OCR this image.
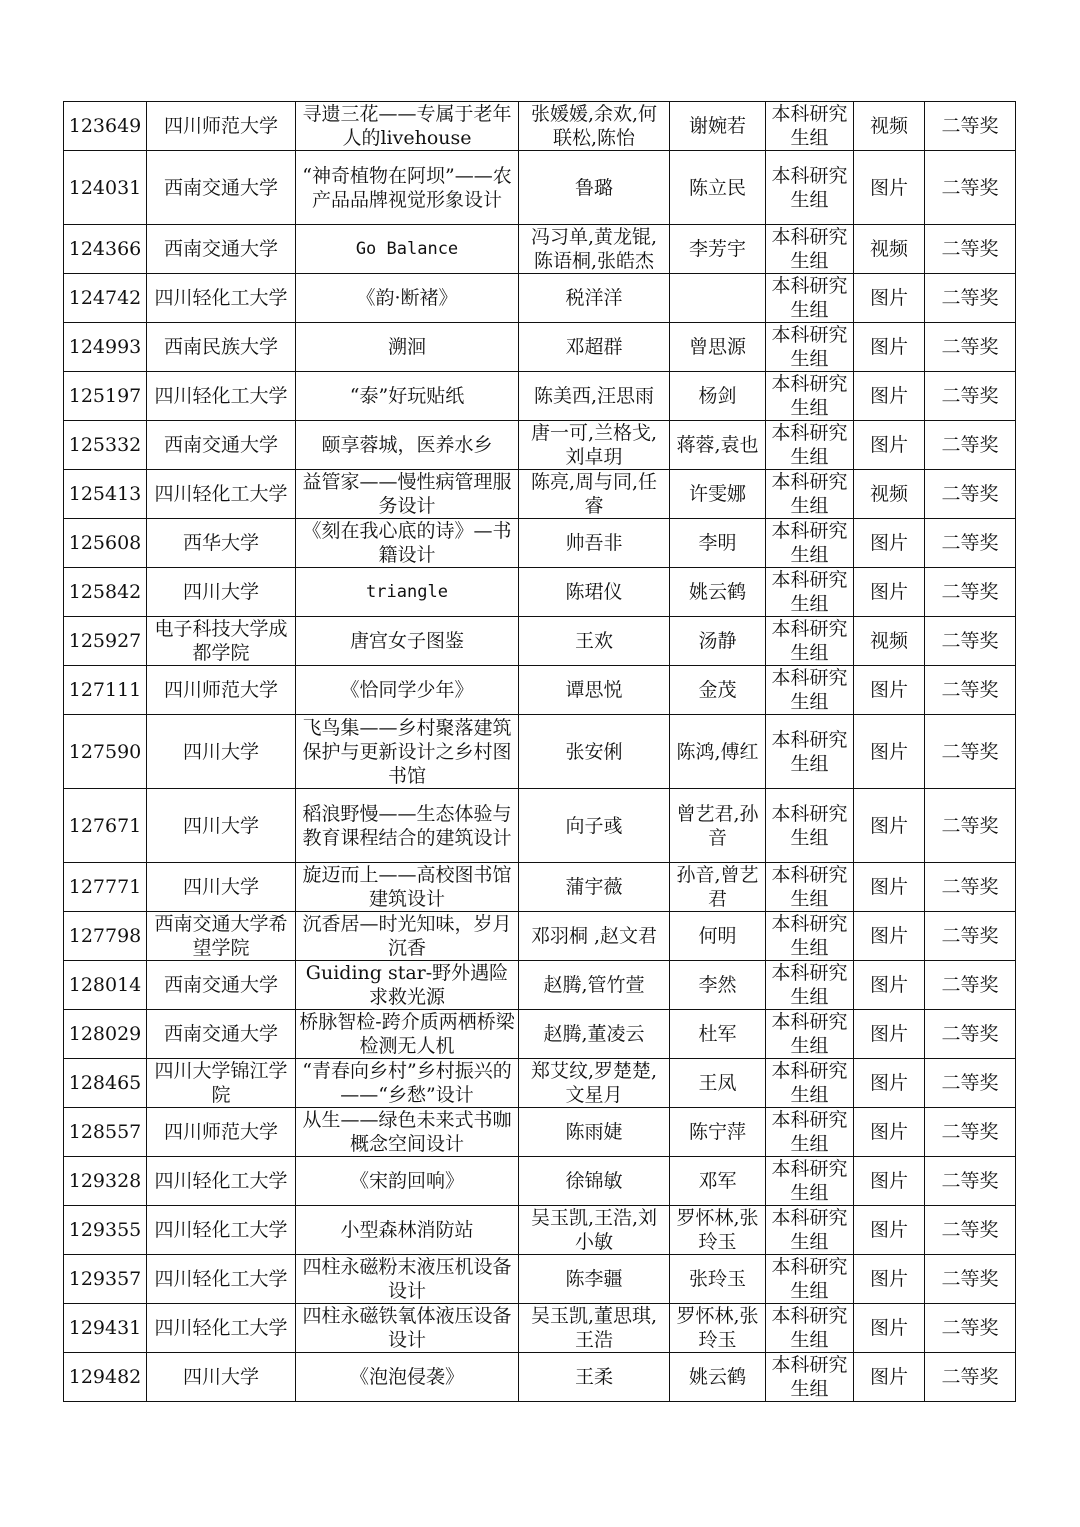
123649	四川师范大学	寻遗三花——专属于老年人的livehouse	张媛媛,余欢,何联松,陈怡	谢婉若	本科研究生组	视频	二等奖
124031	西南交通大学	“神奇植物在阿坝”——农产品品牌视觉形象设计	鲁璐	陈立民	本科研究生组	图片	二等奖
124366	西南交通大学	Go Balance	冯习单,黄龙锟,陈语桐,张皓杰	李芳宇	本科研究生组	视频	二等奖
124742	四川轻化工大学	《韵·断褚》	税洋洋		本科研究生组	图片	二等奖
124993	西南民族大学	溯洄	邓超群	曾思源	本科研究生组	图片	二等奖
125197	四川轻化工大学	“泰”好玩贴纸	陈美西,汪思雨	杨剑	本科研究生组	图片	二等奖
125332	西南交通大学	颐享蓉城，医养水乡	唐一可,兰格戈,刘卓玥	蒋蓉,袁也	本科研究生组	图片	二等奖
125413	四川轻化工大学	益管家——慢性病管理服务设计	陈亮,周与同,任睿	许雯娜	本科研究生组	视频	二等奖
125608	西华大学	《刻在我心底的诗》—书籍设计	帅吾非	李明	本科研究生组	图片	二等奖
125842	四川大学	triangle	陈珺仪	姚云鹤	本科研究生组	图片	二等奖
125927	电子科技大学成都学院	唐宫女子图鉴	王欢	汤静	本科研究生组	视频	二等奖
127111	四川师范大学	《恰同学少年》	谭思悦	金茂	本科研究生组	图片	二等奖
127590	四川大学	飞鸟集——乡村聚落建筑保护与更新设计之乡村图书馆	张安俐	陈鸿,傅红	本科研究生组	图片	二等奖
127671	四川大学	稻浪野慢——生态体验与教育课程结合的建筑设计	向子彧	曾艺君,孙音	本科研究生组	图片	二等奖
127771	四川大学	旋迈而上——高校图书馆建筑设计	蒲宇薇	孙音,曾艺君	本科研究生组	图片	二等奖
127798	西南交通大学希望学院	沉香居—时光知味，岁月沉香	邓羽桐 ,赵文君	何明	本科研究生组	图片	二等奖
128014	西南交通大学	Guiding star-野外遇险求救光源	赵腾,管竹萱	李然	本科研究生组	图片	二等奖
128029	西南交通大学	桥脉智检-跨介质两栖桥梁检测无人机	赵腾,董凌云	杜军	本科研究生组	图片	二等奖
128465	四川大学锦江学院	“青春向乡村”乡村振兴的——“乡愁”设计	郑艾纹,罗楚楚,文星月	王凤	本科研究生组	图片	二等奖
128557	四川师范大学	从生——绿色未来式书咖概念空间设计	陈雨婕	陈宁萍	本科研究生组	图片	二等奖
129328	四川轻化工大学	《宋韵回响》	徐锦敏	邓军	本科研究生组	图片	二等奖
129355	四川轻化工大学	小型森林消防站	吴玉凯,王浩,刘小敏	罗怀林,张玲玉	本科研究生组	图片	二等奖
129357	四川轻化工大学	四柱永磁粉末液压机设备设计	陈李疆	张玲玉	本科研究生组	图片	二等奖
129431	四川轻化工大学	四柱永磁铁氧体液压设备设计	吴玉凯,董思琪,王浩	罗怀林,张玲玉	本科研究生组	图片	二等奖
129482	四川大学	《泡泡侵袭》	王柔	姚云鹤	本科研究生组	图片	二等奖
